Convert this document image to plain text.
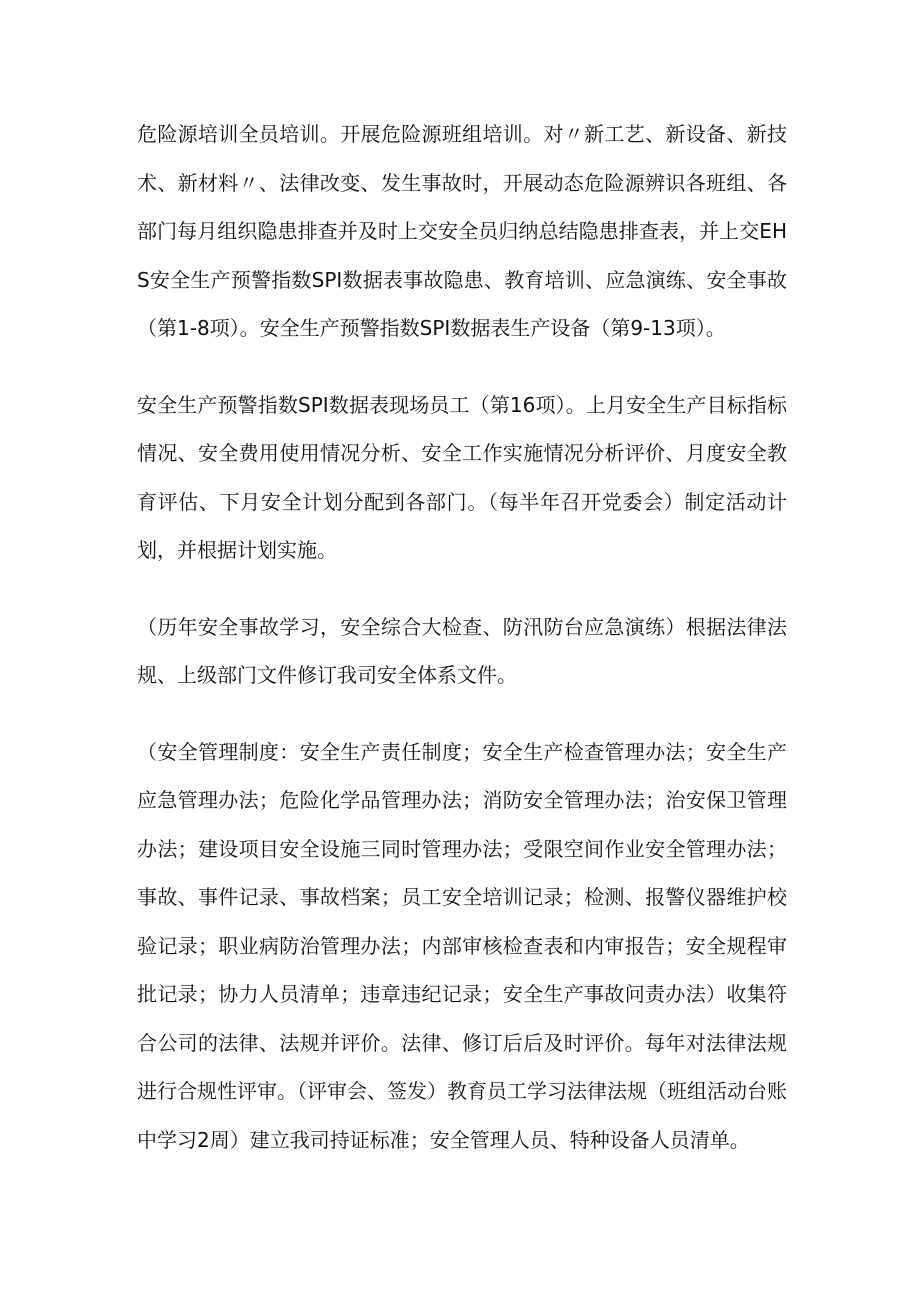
危险源培训全员培训。开展危险源班组培训。对〃新工艺、新设备、新技术、新材料〃、法律改变、发生事故时，开展动态危险源辨识各班组、各部门每月组织隐患排查并及时上交安全员归纳总结隐患排查表，并上交EHS安全生产预警指数SPI数据表事故隐患、教育培训、应急演练、安全事故（第1-8项）。安全生产预警指数SPI数据表生产设备（第9-13项）。

安全生产预警指数SPI数据表现场员工（第16项）。上月安全生产目标指标情况、安全费用使用情况分析、安全工作实施情况分析评价、月度安全教育评估、下月安全计划分配到各部门。（每半年召开党委会）制定活动计划，并根据计划实施。

（历年安全事故学习，安全综合大检查、防汛防台应急演练）根据法律法规、上级部门文件修订我司安全体系文件。

（安全管理制度：安全生产责任制度；安全生产检查管理办法；安全生产应急管理办法；危险化学品管理办法；消防安全管理办法；治安保卫管理办法；建设项目安全设施三同时管理办法；受限空间作业安全管理办法；事故、事件记录、事故档案；员工安全培训记录；检测、报警仪器维护校验记录；职业病防治管理办法；内部审核检查表和内审报告；安全规程审批记录；协力人员清单；违章违纪记录；安全生产事故问责办法）收集符合公司的法律、法规并评价。法律、修订后后及时评价。每年对法律法规进行合规性评审。（评审会、签发）教育员工学习法律法规（班组活动台账中学习2周）建立我司持证标准；安全管理人员、特种设备人员清单。
